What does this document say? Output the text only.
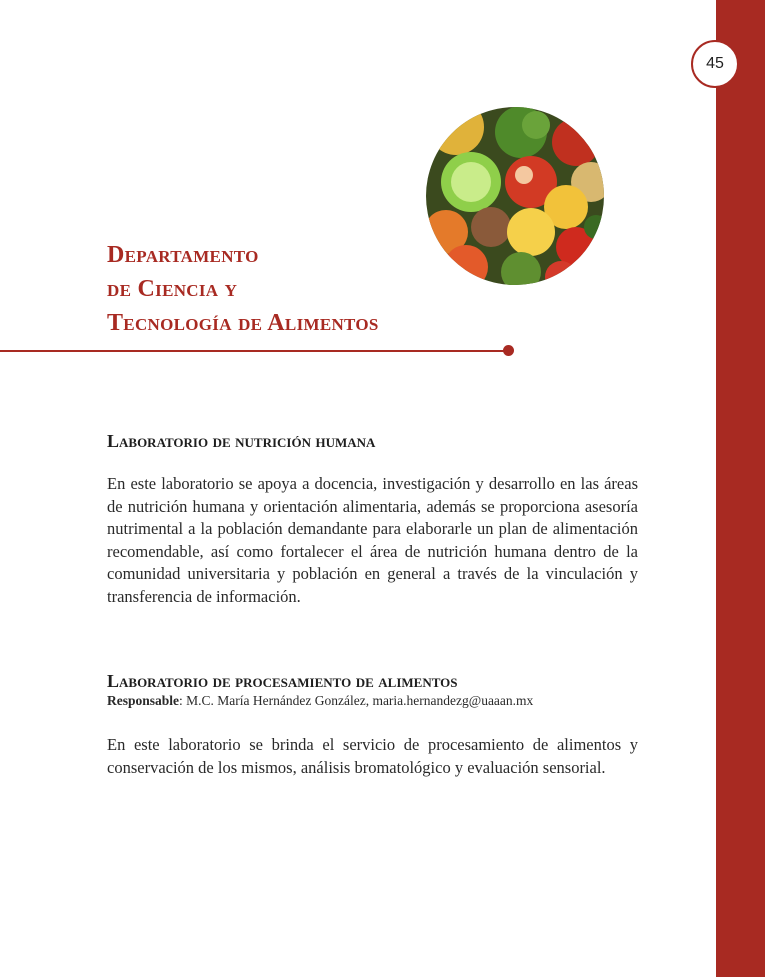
45
Departamento
de Ciencia y
Tecnología de Alimentos
Laboratorio de nutrición humana

En este laboratorio se apoya a docencia, investigación y desarrollo en las áreas de nutrición humana y orientación alimentaria, además se proporciona asesoría nutrimental a la población demandante para elaborarle un plan de alimentación recomendable, así como fortalecer el área de nutrición humana dentro de la comunidad universitaria y población en general a través de la vinculación y transferencia de información.

Laboratorio de procesamiento de alimentos

Responsable: M.C. María Hernández González, maria.hernandezg@uaaan.mx

En este laboratorio se brinda el servicio de procesamiento de alimentos y conservación de los mismos, análisis bromatológico y evaluación sensorial.
